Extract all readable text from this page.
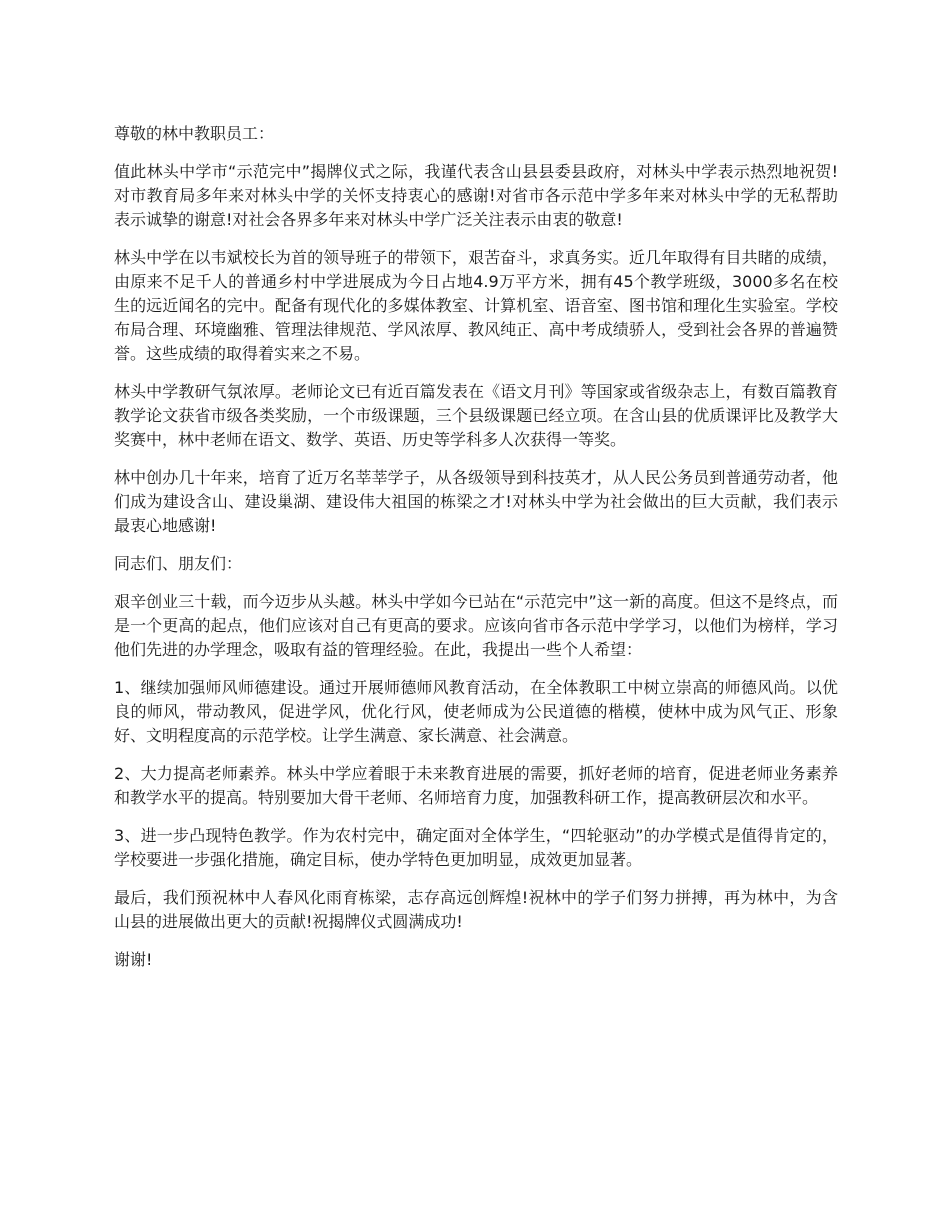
尊敬的林中教职员工：

值此林头中学市“示范完中”揭牌仪式之际，我谨代表含山县县委县政府，对林头中学表示热烈地祝贺!对市教育局多年来对林头中学的关怀支持衷心的感谢!对省市各示范中学多年来对林头中学的无私帮助表示诚挚的谢意!对社会各界多年来对林头中学广泛关注表示由衷的敬意!

林头中学在以韦斌校长为首的领导班子的带领下，艰苦奋斗，求真务实。近几年取得有目共睹的成绩，由原来不足千人的普通乡村中学进展成为今日占地4.9万平方米，拥有45个教学班级，3000多名在校生的远近闻名的完中。配备有现代化的多媒体教室、计算机室、语音室、图书馆和理化生实验室。学校布局合理、环境幽雅、管理法律规范、学风浓厚、教风纯正、高中考成绩骄人，受到社会各界的普遍赞誉。这些成绩的取得着实来之不易。

林头中学教研气氛浓厚。老师论文已有近百篇发表在《语文月刊》等国家或省级杂志上，有数百篇教育教学论文获省市级各类奖励，一个市级课题，三个县级课题已经立项。在含山县的优质课评比及教学大奖赛中，林中老师在语文、数学、英语、历史等学科多人次获得一等奖。

林中创办几十年来，培育了近万名莘莘学子，从各级领导到科技英才，从人民公务员到普通劳动者，他们成为建设含山、建设巢湖、建设伟大祖国的栋梁之才!对林头中学为社会做出的巨大贡献，我们表示最衷心地感谢!

同志们、朋友们：

艰辛创业三十载，而今迈步从头越。林头中学如今已站在“示范完中”这一新的高度。但这不是终点，而是一个更高的起点，他们应该对自己有更高的要求。应该向省市各示范中学学习，以他们为榜样，学习他们先进的办学理念，吸取有益的管理经验。在此，我提出一些个人希望：

1、继续加强师风师德建设。通过开展师德师风教育活动，在全体教职工中树立崇高的师德风尚。以优良的师风，带动教风，促进学风，优化行风，使老师成为公民道德的楷模，使林中成为风气正、形象好、文明程度高的示范学校。让学生满意、家长满意、社会满意。

2、大力提高老师素养。林头中学应着眼于未来教育进展的需要，抓好老师的培育，促进老师业务素养和教学水平的提高。特别要加大骨干老师、名师培育力度，加强教科研工作，提高教研层次和水平。

3、进一步凸现特色教学。作为农村完中，确定面对全体学生，“四轮驱动”的办学模式是值得肯定的，学校要进一步强化措施，确定目标，使办学特色更加明显，成效更加显著。

最后，我们预祝林中人春风化雨育栋梁，志存高远创辉煌!祝林中的学子们努力拼搏，再为林中，为含山县的进展做出更大的贡献!祝揭牌仪式圆满成功!

谢谢!
